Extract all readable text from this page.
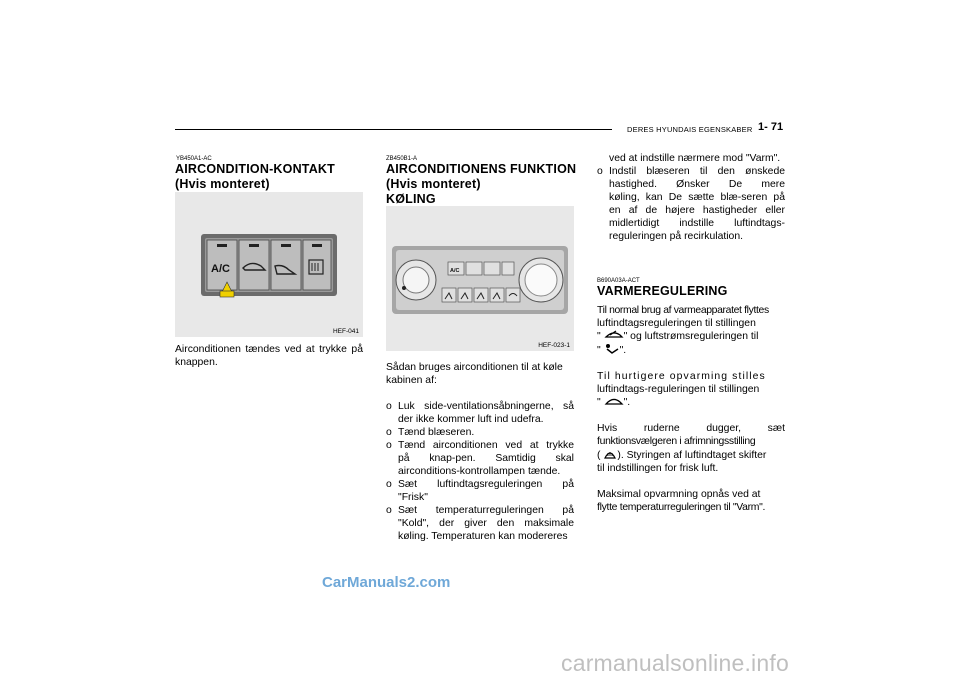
DERES HYUNDAIS EGENSKABER 1- 71
YB450A1-AC
AIRCONDITION-KONTAKT
(Hvis monteret)
A/C
HEF-041

Airconditionen tændes ved at trykke på knappen.

ZB450B1-A
AIRCONDITIONENS FUNKTION
(Hvis monteret)
KØLING
A/C
HEF-023-1

Sådan bruges airconditionen til at køle kabinen af:

o Luk side-ventilationsåbningerne, så
der ikke kommer luft ind udefra.
o Tænd blæseren.
o Tænd airconditionen ved at trykke
på knap-pen. Samtidig skal
airconditions-kontrollampen tænde.
o Sæt luftindtagsreguleringen på
"Frisk"
o Sæt temperaturreguleringen på
"Kold", der giver den maksimale
køling. Temperaturen kan modereres
ved at indstille nærmere mod "Varm".
o Indstil blæseren til den ønskede
hastighed. Ønsker De mere
køling, kan De sætte blæ-seren på
en af de højere hastigheder eller
midlertidigt indstille luftindtags-
reguleringen på recirkulation.
B690A03A-ACT
VARMEREGULERING

Til normal brug af varmeapparatet flyttes
luftindtagsreguleringen til stillingen
" " og luftstrømsreguleringen til
" ".

Til hurtigere opvarming stilles
luftindtags-reguleringen til stillingen
" ".

Hvis ruderne dugger, sæt
funktionsvælgeren i afrimningsstilling
( ). Styringen af luftindtaget skifter
til indstillingen for frisk luft.

Maksimal opvarmning opnås ved at
flytte temperaturreguleringen til "Varm".

CarManuals2.com
carmanualsonline.info
